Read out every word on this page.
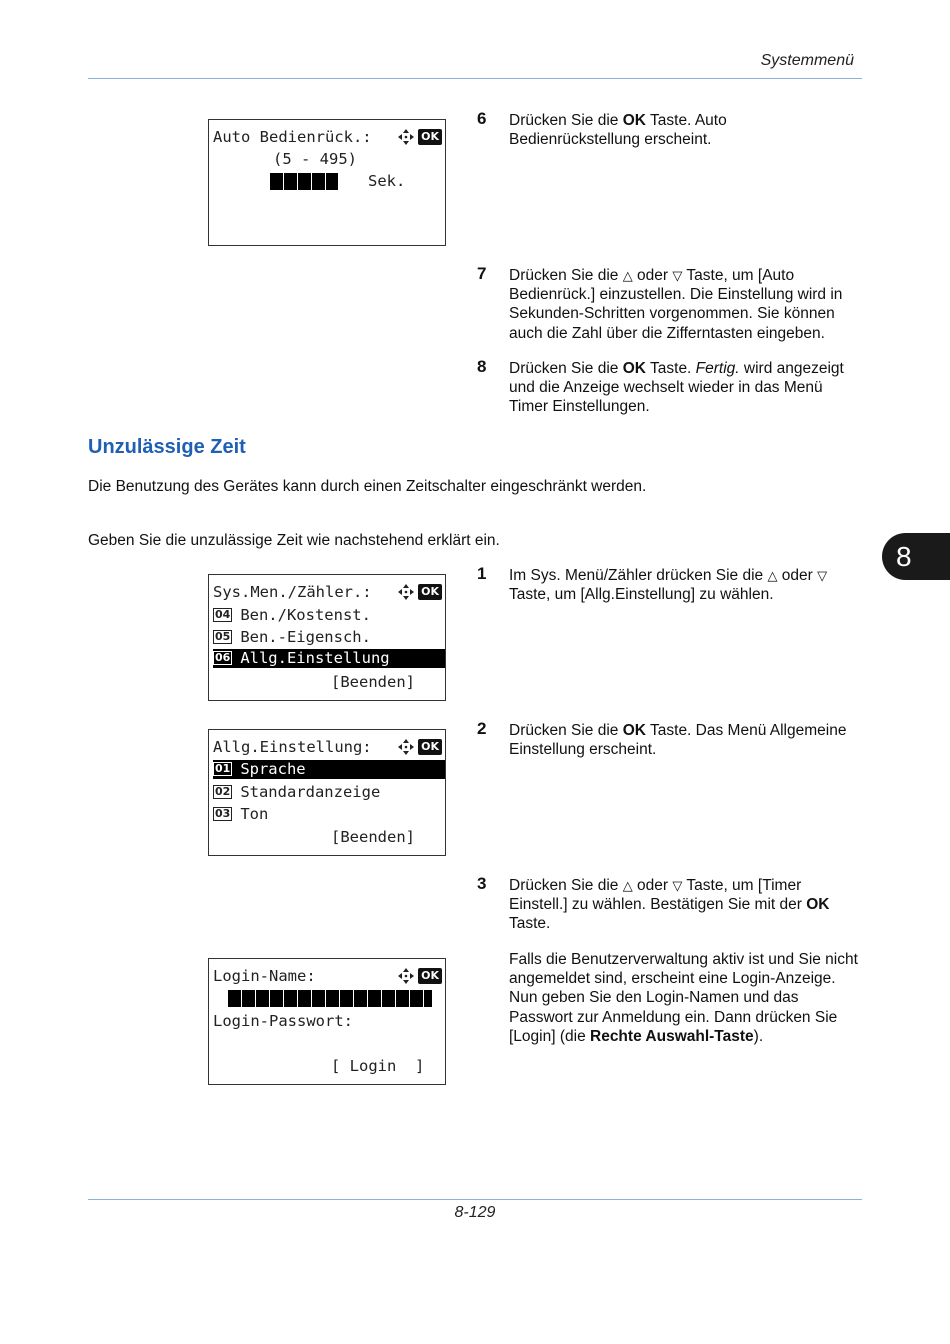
Systemmenü
8
8-129
Auto Bedienrück.:	OK
(5 - 495)
90 Sek.
6 Drücken Sie die OK Taste. Auto Bedienrückstellung erscheint.
7 Drücken Sie die △ oder ▽ Taste, um [Auto Bedienrück.] einzustellen. Die Einstellung wird in Sekunden-Schritten vorgenommen. Sie können auch die Zahl über die Zifferntasten eingeben.
8 Drücken Sie die OK Taste. Fertig. wird angezeigt und die Anzeige wechselt wieder in das Menü Timer Einstellungen.
Unzulässige Zeit
Die Benutzung des Gerätes kann durch einen Zeitschalter eingeschränkt werden.
Geben Sie die unzulässige Zeit wie nachstehend erklärt ein.
Sys.Men./Zähler.:	OK
04 Ben./Kostenst.
05 Ben.-Eigensch.
06 Allg.Einstellung
[Beenden]
1 Im Sys. Menü/Zähler drücken Sie die △ oder ▽ Taste, um [Allg.Einstellung] zu wählen.
Allg.Einstellung:	OK
01 Sprache
02 Standardanzeige
03 Ton
[Beenden]
2 Drücken Sie die OK Taste. Das Menü Allgemeine Einstellung erscheint.
3 Drücken Sie die △ oder ▽ Taste, um [Timer Einstell.] zu wählen. Bestätigen Sie mit der OK Taste.
Falls die Benutzerverwaltung aktiv ist und Sie nicht angemeldet sind, erscheint eine Login-Anzeige. Nun geben Sie den Login-Namen und das Passwort zur Anmeldung ein. Dann drücken Sie [Login] (die Rechte Auswahl-Taste).
Login-Name:	OK
Login-Passwort:
[ Login  ]
